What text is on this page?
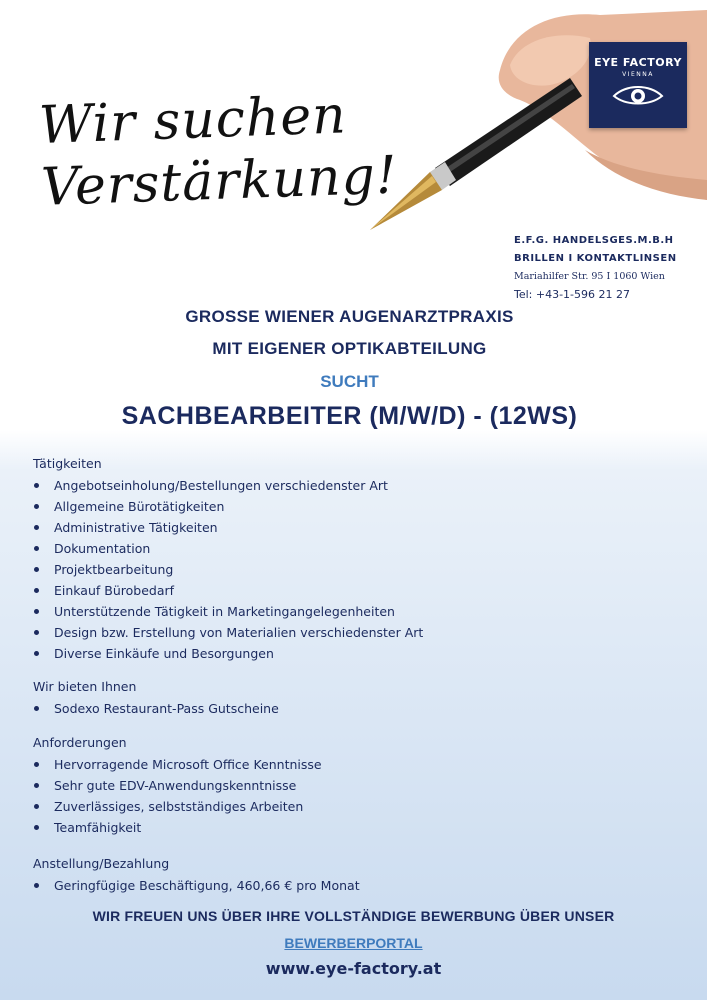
Wir suchen
Verstärkung!
EYE FACTORY
VIENNA
E.F.G. HANDELSGES.M.B.H
BRILLEN I KONTAKTLINSEN
Mariahilfer Str. 95 I 1060 Wien
Tel: +43-1-596 21 27
GROSSE WIENER AUGENARZTPRAXIS
MIT EIGENER OPTIKABTEILUNG
SUCHT
SACHBEARBEITER (M/W/D) - (12WS)
Tätigkeiten
Angebotseinholung/Bestellungen verschiedenster Art
Allgemeine Bürotätigkeiten
Administrative Tätigkeiten
Dokumentation
Projektbearbeitung
Einkauf Bürobedarf
Unterstützende Tätigkeit in Marketingangelegenheiten
Design bzw. Erstellung von Materialien verschiedenster Art
Diverse Einkäufe und Besorgungen
Wir bieten Ihnen
Sodexo Restaurant-Pass Gutscheine
Anforderungen
Hervorragende Microsoft Office Kenntnisse
Sehr gute EDV-Anwendungskenntnisse
Zuverlässiges, selbstständiges Arbeiten
Teamfähigkeit
Anstellung/Bezahlung
Geringfügige Beschäftigung, 460,66 € pro Monat
WIR FREUEN UNS ÜBER IHRE VOLLSTÄNDIGE BEWERBUNG ÜBER UNSER
BEWERBERPORTAL
www.eye-factory.at
